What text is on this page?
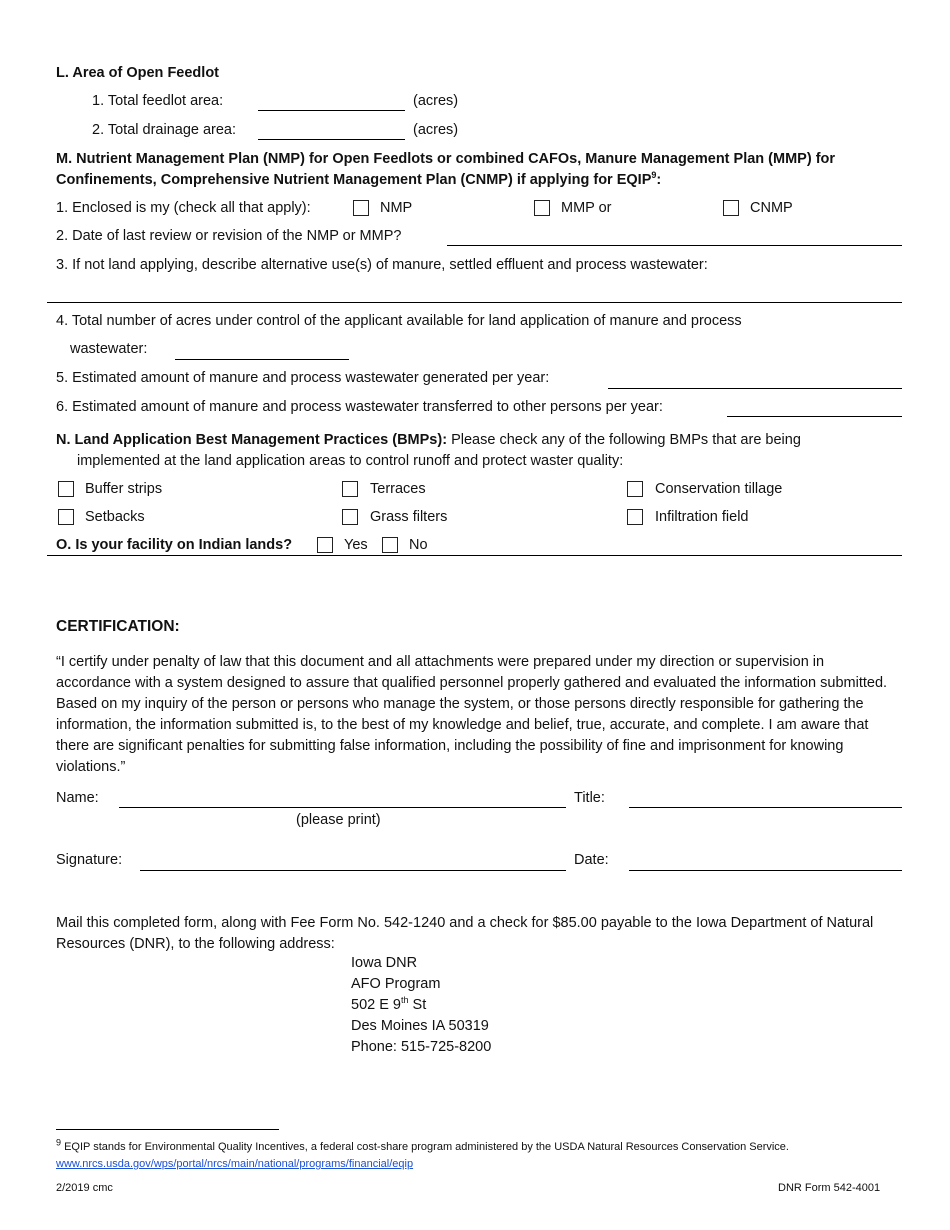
L. Area of Open Feedlot
1. Total feedlot area:	(acres)
2. Total drainage area:	(acres)
M. Nutrient Management Plan (NMP) for Open Feedlots or combined CAFOs, Manure Management Plan (MMP) for
Confinements, Comprehensive Nutrient Management Plan (CNMP) if applying for EQIP$^9$:
1. Enclosed is my (check all that apply):	NMP	MMP or	CNMP
2. Date of last review or revision of the NMP or MMP?
3. If not land applying, describe alternative use(s) of manure, settled effluent and process wastewater:
4. Total number of acres under control of the applicant available for land application of manure and process
wastewater:
5. Estimated amount of manure and process wastewater generated per year:
6. Estimated amount of manure and process wastewater transferred to other persons per year:
N. Land Application Best Management Practices (BMPs): Please check any of the following BMPs that are being
implemented at the land application areas to control runoff and protect waster quality:
Buffer strips	Terraces	Conservation tillage
Setbacks	Grass filters	Infiltration field
O. Is your facility on Indian lands?	Yes	No
CERTIFICATION:
“I certify under penalty of law that this document and all attachments were prepared under my direction or supervision in accordance with a system designed to assure that qualified personnel properly gathered and evaluated the information submitted. Based on my inquiry of the person or persons who manage the system, or those persons directly responsible for gathering the information, the information submitted is, to the best of my knowledge and belief, true, accurate, and complete. I am aware that there are significant penalties for submitting false information, including the possibility of fine and imprisonment for knowing violations.”
Name:
(please print)
Title:
Signature:	Date:
Mail this completed form, along with Fee Form No. 542-1240 and a check for $85.00 payable to the Iowa Department of Natural Resources (DNR), to the following address:
Iowa DNR
AFO Program
502 E 9th St
Des Moines IA 50319
Phone: 515-725-8200
$^9$ EQIP stands for Environmental Quality Incentives, a federal cost-share program administered by the USDA Natural Resources Conservation Service.
www.nrcs.usda.gov/wps/portal/nrcs/main/national/programs/financial/eqip
2/2019 cmc	DNR Form 542-4001
